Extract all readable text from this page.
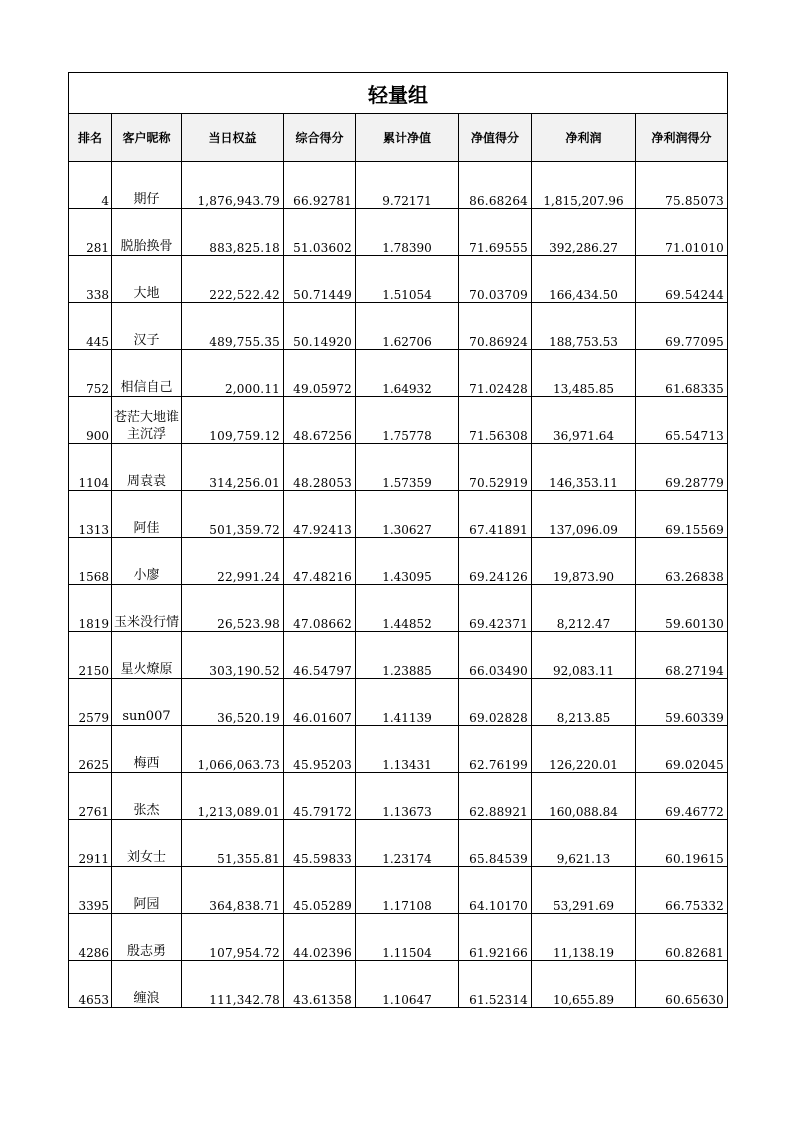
轻量组							
排名	客户昵称	当日权益	综合得分	累计净值	净值得分	净利润	净利润得分
4	期仔	1,876,943.79	66.92781	9.72171	86.68264	1,815,207.96	75.85073
281	脱胎换骨	883,825.18	51.03602	1.78390	71.69555	392,286.27	71.01010
338	大地	222,522.42	50.71449	1.51054	70.03709	166,434.50	69.54244
445	汉子	489,755.35	50.14920	1.62706	70.86924	188,753.53	69.77095
752	相信自己	2,000.11	49.05972	1.64932	71.02428	13,485.85	61.68335
900	苍茫大地谁主沉浮	109,759.12	48.67256	1.75778	71.56308	36,971.64	65.54713
1104	周袁袁	314,256.01	48.28053	1.57359	70.52919	146,353.11	69.28779
1313	阿佳	501,359.72	47.92413	1.30627	67.41891	137,096.09	69.15569
1568	小廖	22,991.24	47.48216	1.43095	69.24126	19,873.90	63.26838
1819	玉米没行情	26,523.98	47.08662	1.44852	69.42371	8,212.47	59.60130
2150	星火燎原	303,190.52	46.54797	1.23885	66.03490	92,083.11	68.27194
2579	sun007	36,520.19	46.01607	1.41139	69.02828	8,213.85	59.60339
2625	梅西	1,066,063.73	45.95203	1.13431	62.76199	126,220.01	69.02045
2761	张杰	1,213,089.01	45.79172	1.13673	62.88921	160,088.84	69.46772
2911	刘女士	51,355.81	45.59833	1.23174	65.84539	9,621.13	60.19615
3395	阿园	364,838.71	45.05289	1.17108	64.10170	53,291.69	66.75332
4286	殷志勇	107,954.72	44.02396	1.11504	61.92166	11,138.19	60.82681
4653	缠浪	111,342.78	43.61358	1.10647	61.52314	10,655.89	60.65630
